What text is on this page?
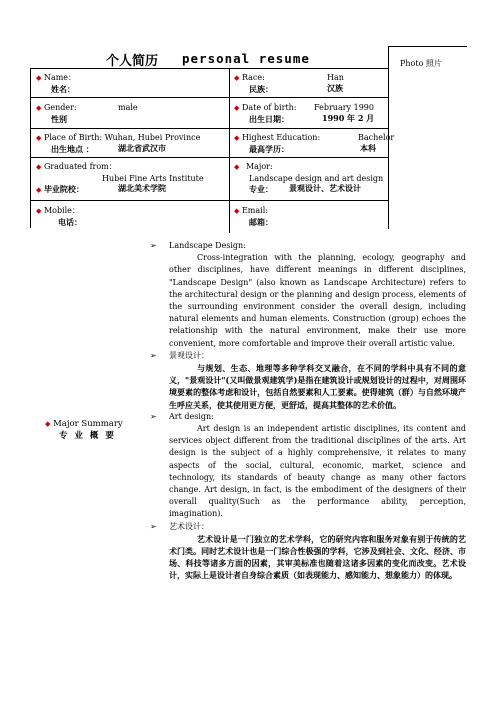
个人简历 personal resume	Photo 照片
◆ Name：
姓名：
◆ Race:	Han

民族：	汉族
◆ Gender:	male

性别
◆ Date of birth: February 1990

出生日期：	1990 年 2 月
◆ Place of Birth: Wuhan, Hubei Province
出生地点 ：	湖北省武汉市
◆ Highest Education:	Bachelor

最高学历：	本科
◆ Graduated from：
Hubei Fine Arts Institute
◆ 毕业院校：	湖北美术学院
◆ Major:
Landscape design and art design
专业： 景观设计、艺术设计
◆ Mobile：
电话：
◆ Email:
邮箱：
◆ Major Summary
专 业 概 要
➢ Landscape Design:
Cross-integration with the planning, ecology, geography and other disciplines, have different meanings in different disciplines, "Landscape Design" (also known as Landscape Architecture) refers to the architectural design or the planning and design process, elements of the surrounding environment consider the overall design, including natural elements and human elements. Construction (group) echoes the relationship with the natural environment, make their use more convenient, more comfortable and improve their overall artistic value.
➢ 景观设计：
与规划、生态、地理等多种学科交叉融合，在不同的学科中具有不同的意义，"景观设计"(又叫做景观建筑学)是指在建筑设计或规划设计的过程中，对周围环境要素的整体考虑和设计，包括自然要素和人工要素。使得建筑（群）与自然环境产生呼应关系，使其使用更方便，更舒适，提高其整体的艺术价值。
➢ Art design:
Art design is an independent artistic disciplines, its content and services object different from the traditional disciplines of the arts. Art design is the subject of a highly comprehensive, it relates to many aspects of the social, cultural, economic, market, science and technology, its standards of beauty change as many other factors change. Art design, in fact, is the embodiment of the designers of their overall quality(Such as the performance ability, perception, imagination).
➢ 艺术设计：
艺术设计是一门独立的艺术学科，它的研究内容和服务对象有别于传统的艺术门类。同时艺术设计也是一门综合性极强的学科，它涉及到社会、文化、经济、市场、科技等诸多方面的因素，其审美标准也随着这诸多因素的变化而改变。艺术设计，实际上是设计者自身综合素质（如表现能力、感知能力、想象能力）的体现。
